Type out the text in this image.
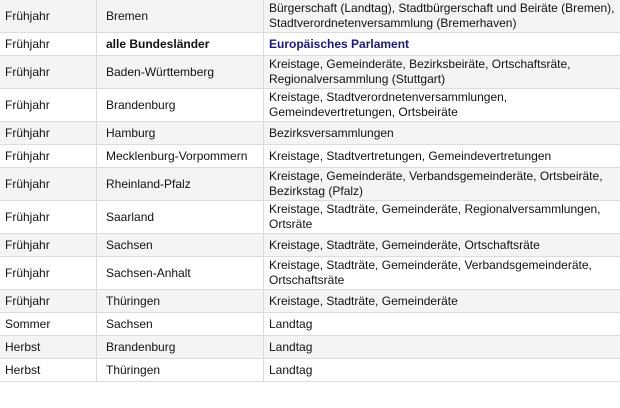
Frühjahr	Bremen	Bürgerschaft (Landtag), Stadtbürgerschaft und Beiräte (Bremen), Stadtverordnetenversammlung (Bremerhaven)
Frühjahr	alle Bundesländer	Europäisches Parlament
Frühjahr	Baden-Württemberg	Kreistage, Gemeinderäte, Bezirksbeiräte, Ortschaftsräte, Regionalversammlung (Stuttgart)
Frühjahr	Brandenburg	Kreistage, Stadtverordnetenversammlungen, Gemeindevertretungen, Ortsbeiräte
Frühjahr	Hamburg	Bezirksversammlungen
Frühjahr	Mecklenburg-Vorpommern	Kreistage, Stadtvertretungen, Gemeindevertretungen
Frühjahr	Rheinland-Pfalz	Kreistage, Gemeinderäte, Verbandsgemeinderäte, Ortsbeiräte, Bezirkstag (Pfalz)
Frühjahr	Saarland	Kreistage, Stadträte, Gemeinderäte, Regionalversammlungen, Ortsräte
Frühjahr	Sachsen	Kreistage, Stadträte, Gemeinderäte, Ortschaftsräte
Frühjahr	Sachsen-Anhalt	Kreistage, Stadträte, Gemeinderäte, Verbandsgemeinderäte, Ortschaftsräte
Frühjahr	Thüringen	Kreistage, Stadträte, Gemeinderäte
Sommer	Sachsen	Landtag
Herbst	Brandenburg	Landtag
Herbst	Thüringen	Landtag
